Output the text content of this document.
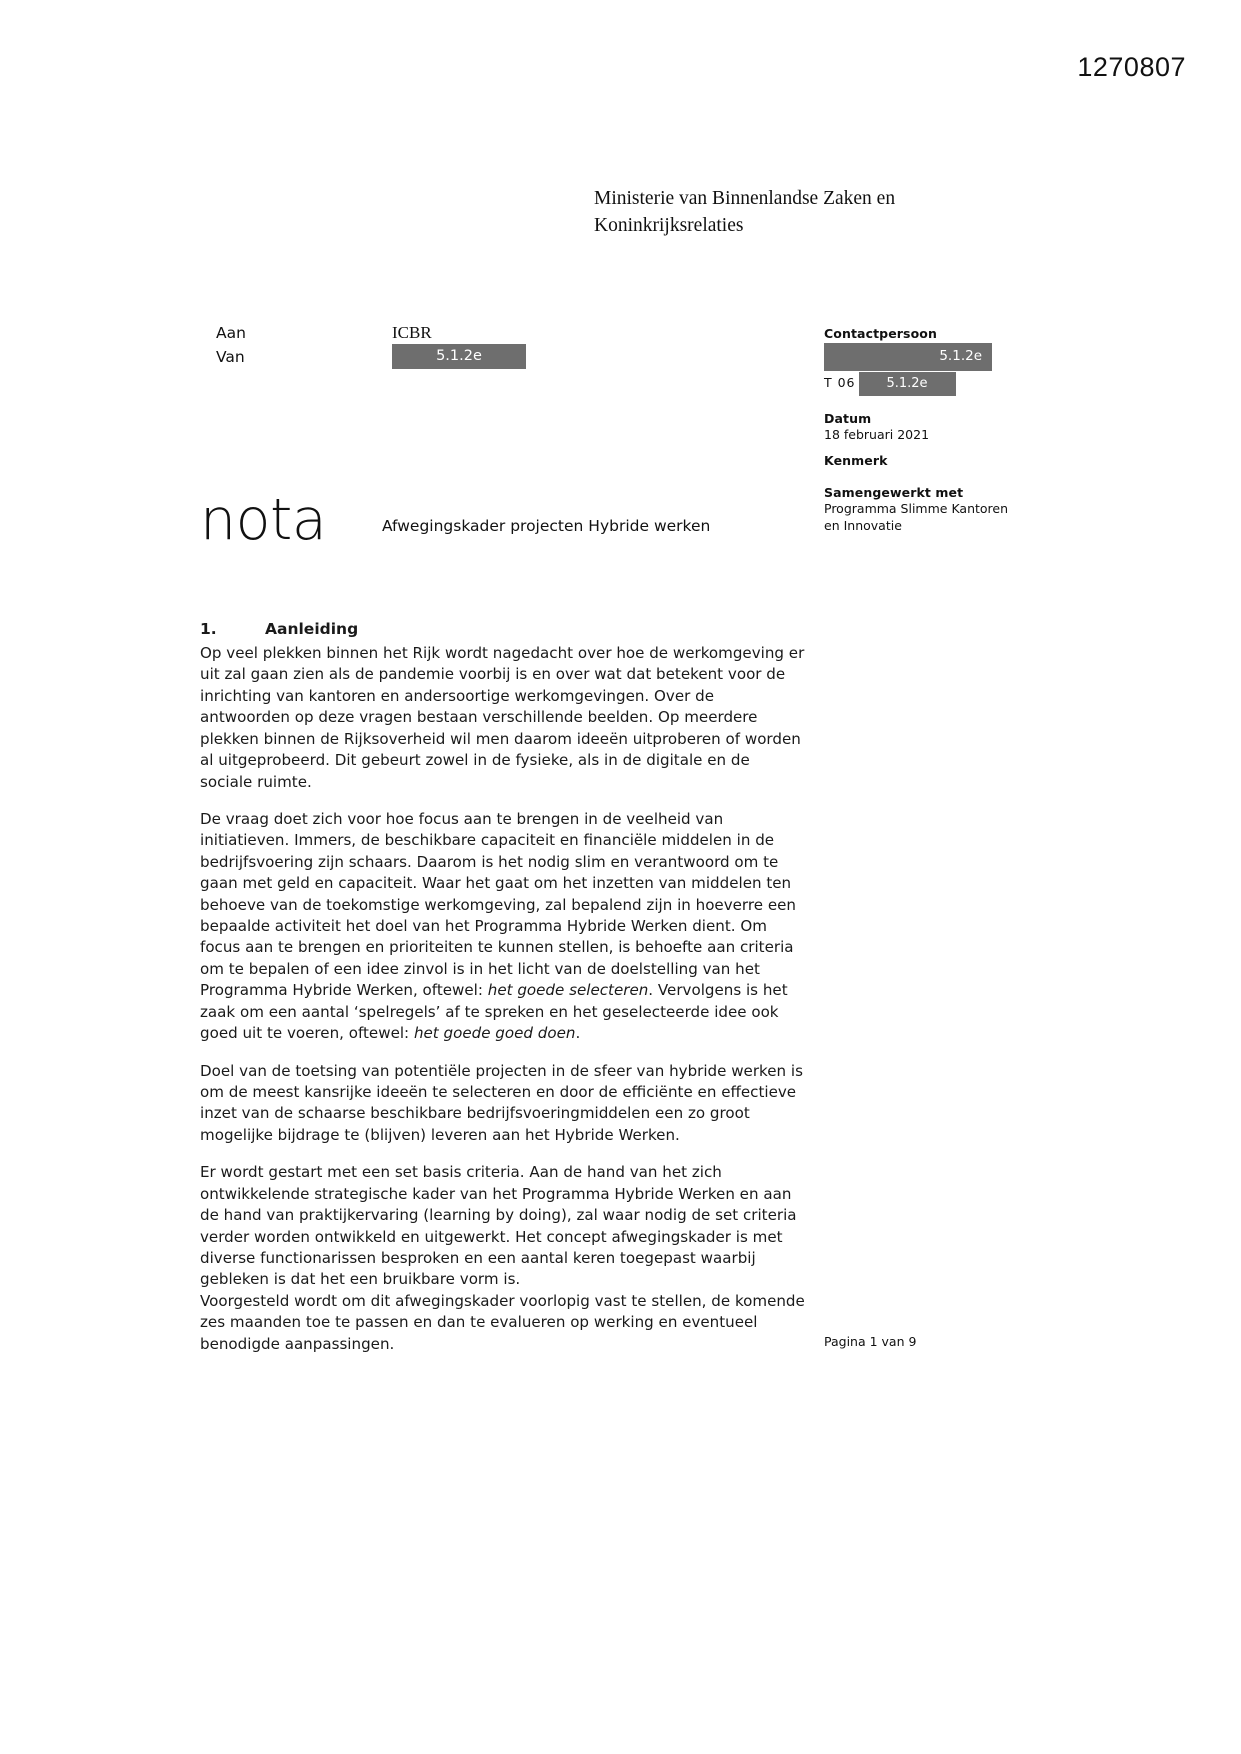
1270807
Ministerie van Binnenlandse Zaken en Koninkrijksrelaties
Aan	ICBR
Van	5.1.2e
Contactpersoon
5.1.2e
T 06	5.1.2e
Datum
18 februari 2021
Kenmerk
Samengewerkt met
Programma Slimme Kantoren
en Innovatie
nota	Afwegingskader projecten Hybride werken
1.	Aanleiding

Op veel plekken binnen het Rijk wordt nagedacht over hoe de werkomgeving er uit zal gaan zien als de pandemie voorbij is en over wat dat betekent voor de inrichting van kantoren en andersoortige werkomgevingen. Over de antwoorden op deze vragen bestaan verschillende beelden. Op meerdere plekken binnen de Rijksoverheid wil men daarom ideeën uitproberen of worden al uitgeprobeerd. Dit gebeurt zowel in de fysieke, als in de digitale en de sociale ruimte.

De vraag doet zich voor hoe focus aan te brengen in de veelheid van initiatieven. Immers, de beschikbare capaciteit en financiële middelen in de bedrijfsvoering zijn schaars. Daarom is het nodig slim en verantwoord om te gaan met geld en capaciteit. Waar het gaat om het inzetten van middelen ten behoeve van de toekomstige werkomgeving, zal bepalend zijn in hoeverre een bepaalde activiteit het doel van het Programma Hybride Werken dient. Om focus aan te brengen en prioriteiten te kunnen stellen, is behoefte aan criteria om te bepalen of een idee zinvol is in het licht van de doelstelling van het Programma Hybride Werken, oftewel: het goede selecteren. Vervolgens is het zaak om een aantal ‘spelregels’ af te spreken en het geselecteerde idee ook goed uit te voeren, oftewel: het goede goed doen.

Doel van de toetsing van potentiële projecten in de sfeer van hybride werken is om de meest kansrijke ideeën te selecteren en door de efficiënte en effectieve inzet van de schaarse beschikbare bedrijfsvoeringmiddelen een zo groot mogelijke bijdrage te (blijven) leveren aan het Hybride Werken.

Er wordt gestart met een set basis criteria. Aan de hand van het zich ontwikkelende strategische kader van het Programma Hybride Werken en aan de hand van praktijkervaring (learning by doing), zal waar nodig de set criteria verder worden ontwikkeld en uitgewerkt. Het concept afwegingskader is met diverse functionarissen besproken en een aantal keren toegepast waarbij gebleken is dat het een bruikbare vorm is.

Voorgesteld wordt om dit afwegingskader voorlopig vast te stellen, de komende zes maanden toe te passen en dan te evalueren op werking en eventueel benodigde aanpassingen.	Pagina 1 van 9
